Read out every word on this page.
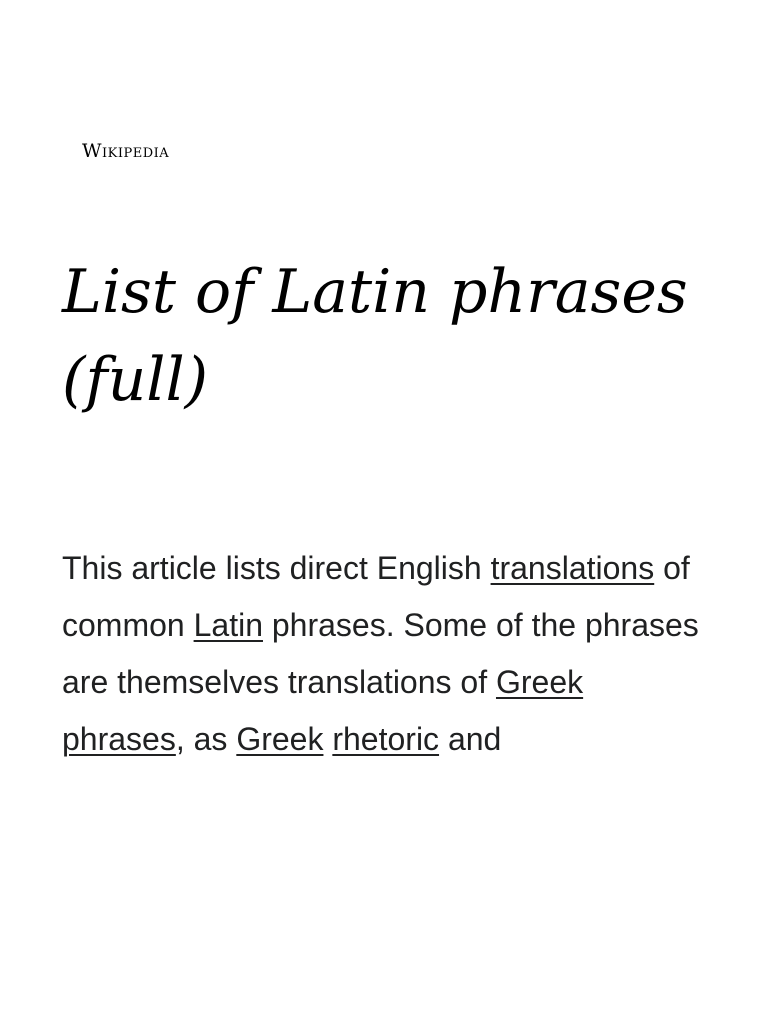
Wikipedia
List of Latin phrases (full)

This article lists direct English translations of common Latin phrases. Some of the phrases are themselves translations of Greek phrases, as Greek rhetoric and
